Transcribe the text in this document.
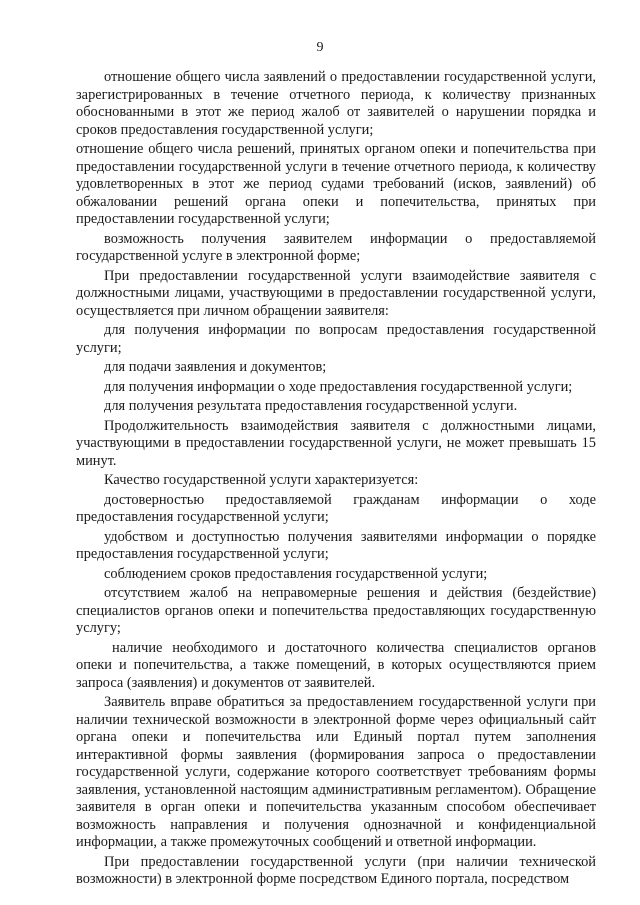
9

отношение общего числа заявлений о предоставлении государственной услуги, зарегистрированных в течение отчетного периода, к количеству признанных обоснованными в этот же период жалоб от заявителей о нарушении порядка и сроков предоставления государственной услуги;

отношение общего числа решений, принятых органом опеки и попечительства при предоставлении государственной услуги в течение отчетного периода, к количеству удовлетворенных в этот же период судами требований (исков, заявлений) об обжаловании решений органа опеки и попечительства, принятых при предоставлении государственной услуги;

возможность получения заявителем информации о предоставляемой государственной услуге в электронной форме;

При предоставлении государственной услуги взаимодействие заявителя с должностными лицами, участвующими в предоставлении государственной услуги, осуществляется при личном обращении заявителя:

для получения информации по вопросам предоставления государственной услуги;

для подачи заявления и документов;

для получения информации о ходе предоставления государственной услуги;

для получения результата предоставления государственной услуги.

Продолжительность взаимодействия заявителя с должностными лицами, участвующими в предоставлении государственной услуги, не может превышать 15 минут.

Качество государственной услуги характеризуется:

достоверностью предоставляемой гражданам информации о ходе предоставления государственной услуги;

удобством и доступностью получения заявителями информации о порядке предоставления государственной услуги;

соблюдением сроков предоставления государственной услуги;

отсутствием жалоб на неправомерные решения и действия (бездействие) специалистов органов опеки и попечительства предоставляющих государственную услугу;

наличие необходимого и достаточного количества специалистов органов опеки и попечительства, а также помещений, в которых осуществляются прием запроса (заявления) и документов от заявителей.

Заявитель вправе обратиться за предоставлением государственной услуги при наличии технической возможности в электронной форме через официальный сайт органа опеки и попечительства или Единый портал путем заполнения интерактивной формы заявления (формирования запроса о предоставлении государственной услуги, содержание которого соответствует требованиям формы заявления, установленной настоящим административным регламентом). Обращение заявителя в орган опеки и попечительства указанным способом обеспечивает возможность направления и получения однозначной и конфиденциальной информации, а также промежуточных сообщений и ответной информации.

При предоставлении государственной услуги (при наличии технической возможности) в электронной форме посредством Единого портала, посредством
